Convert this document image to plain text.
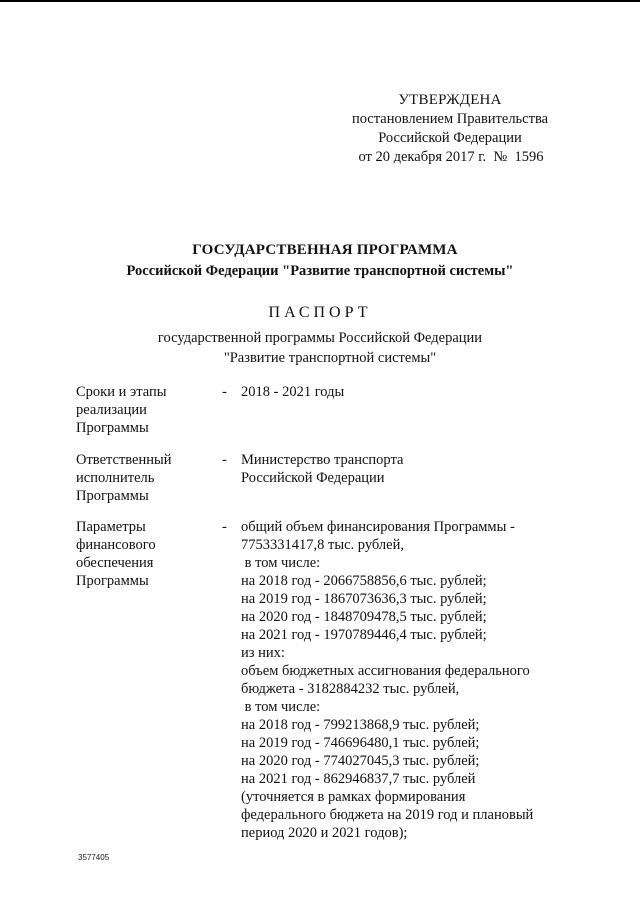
УТВЕРЖДЕНА
постановлением Правительства
Российской Федерации
от 20 декабря 2017 г.  №  1596
ГОСУДАРСТВЕННАЯ ПРОГРАММА
Российской Федерации "Развитие транспортной системы"
ПАСПОРТ
государственной программы Российской Федерации
"Развитие транспортной системы"
Сроки и этапы
реализации
Программы
- 2018 - 2021 годы
Ответственный
исполнитель
Программы
- Министерство транспорта
Российской Федерации
Параметры
финансового
обеспечения
Программы
- общий объем финансирования Программы -
7753331417,8 тыс. рублей,
в том числе:
на 2018 год - 2066758856,6 тыс. рублей;
на 2019 год - 1867073636,3 тыс. рублей;
на 2020 год - 1848709478,5 тыс. рублей;
на 2021 год - 1970789446,4 тыс. рублей;
из них:
объем бюджетных ассигнования федерального
бюджета - 3182884232 тыс. рублей,
в том числе:
на 2018 год - 799213868,9 тыс. рублей;
на 2019 год - 746696480,1 тыс. рублей;
на 2020 год - 774027045,3 тыс. рублей;
на 2021 год - 862946837,7 тыс. рублей
(уточняется в рамках формирования
федерального бюджета на 2019 год и плановый
период 2020 и 2021 годов);
3577405
